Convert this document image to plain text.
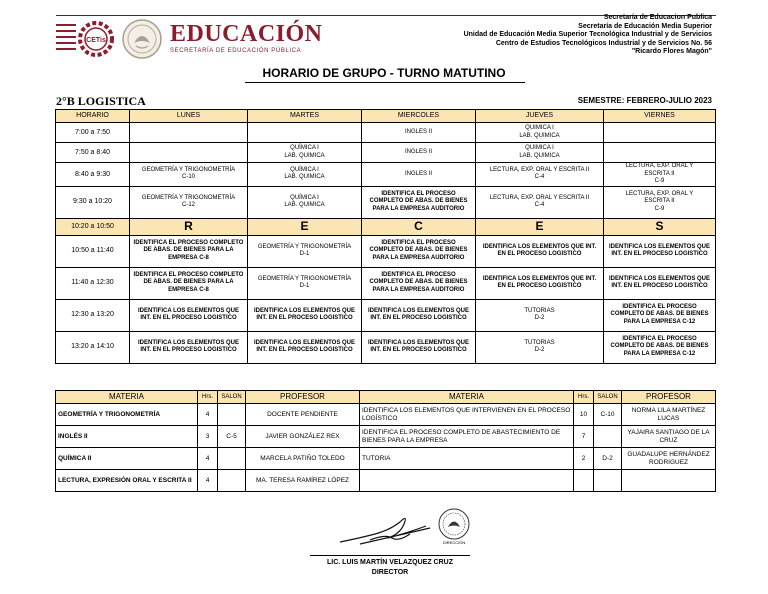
CETis	EDUCACIÓN
SECRETARÍA DE EDUCACIÓN PÚBLICA
Secretaría de Educacion Publica
Secretaría de Educación Media Superior
Unidad de Educación Media Superior Tecnológica Industrial y de Servicios
Centro de Estudios Tecnológicos Industrial y de Servicios No. 56
"Ricardo Flores Magón"
HORARIO DE GRUPO - TURNO MATUTINO
2°B LOGISTICA	SEMESTRE: FEBRERO-JULIO 2023
HORARIO	LUNES	MARTES	MIERCOLES	JUEVES	VIERNES	
7:00 a 7:50			INGLES II	QUIMICA I
LAB. QUIMICA		
7:50 a 8:40		QUÍMICA I
LAB. QUIMICA	INGLES II	QUIMICA I
LAB. QUIMICA		
8:40 a 9:30	GEOMETRÍA Y TRIGONOMETRÍA
C-10	QUÍMICA I
LAB. QUIMICA	INGLES II	LECTURA, EXP. ORAL Y ESCRITA II
C-4	LECTURA, EXP. ORAL Y
ESCRITA II
C-9	
9:30 a 10:20	GEOMETRÍA Y TRIGONOMETRÍA
C-12	QUÍMICA I
LAB. QUIMICA	IDENTIFICA EL PROCESO
COMPLETO DE ABAS. DE BIENES
PARA LA EMPRESA AUDITORIO	LECTURA, EXP. ORAL Y ESCRITA II
C-4	LECTURA, EXP. ORAL Y
ESCRITA II
C-9	
10:20 a 10:50	R	E	C	E	S	
10:50 a 11:40	IDENTIFICA EL PROCESO COMPLETO
DE ABAS. DE BIENES PARA LA
EMPRESA C-8	GEOMETRÍA Y TRIGONOMETRÍA
D-1	IDENTIFICA EL PROCESO
COMPLETO DE ABAS. DE BIENES
PARA LA EMPRESA AUDITORIO	IDENTIFICA LOS ELEMENTOS QUE INT.
EN EL PROCESO LOGISTICO	IDENTIFICA LOS ELEMENTOS QUE
INT. EN EL PROCESO LOGISTICO	
11:40 a 12:30	IDENTIFICA EL PROCESO COMPLETO
DE ABAS. DE BIENES PARA LA
EMPRESA C-8	GEOMETRÍA Y TRIGONOMETRÍA
D-1	IDENTIFICA EL PROCESO
COMPLETO DE ABAS. DE BIENES
PARA LA EMPRESA AUDITORIO	IDENTIFICA LOS ELEMENTOS QUE INT.
EN EL PROCESO LOGISTICO	IDENTIFICA LOS ELEMENTOS QUE
INT. EN EL PROCESO LOGISTICO	
12:30 a 13:20	IDENTIFICA LOS ELEMENTOS QUE
INT. EN EL PROCESO LOGISTICO	IDENTIFICA LOS ELEMENTOS QUE
INT. EN EL PROCESO LOGISTICO	IDENTIFICA LOS ELEMENTOS QUE
INT. EN EL PROCESO LOGISTICO	TUTORIAS
D-2	IDENTIFICA EL PROCESO
COMPLETO DE ABAS. DE BIENES
PARA LA EMPRESA C-12	
13:20 a 14:10	IDENTIFICA LOS ELEMENTOS QUE
INT. EN EL PROCESO LOGISTICO	IDENTIFICA LOS ELEMENTOS QUE
INT. EN EL PROCESO LOGISTICO	IDENTIFICA LOS ELEMENTOS QUE
INT. EN EL PROCESO LOGISTICO	TUTORIAS
D-2	IDENTIFICA EL PROCESO
COMPLETO DE ABAS. DE BIENES
PARA LA EMPRESA C-12	
MATERIA	Hrs.	SALON	PROFESOR	MATERIA	Hrs.	SALON	PROFESOR
GEOMETRÍA Y TRIGONOMETRÍA	4		DOCENTE PENDIENTE	IDENTIFICA LOS ELEMENTOS QUE INTERVIENEN EN EL PROCESO LOGÍSTICO	10	C-10	NORMA LILA MARTÍNEZ LUCAS
INGLÉS II	3	C-5	JAVIER GONZÁLEZ REX	IDENTIFICA EL PROCESO COMPLETO DE ABASTECIMIENTO DE BIENES PARA LA EMPRESA	7		YAJAIRA SANTIAGO DE LA CRUZ
QUÍMICA II	4		MARCELA PATIÑO TOLEDO	TUTORIA	2	D-2	GUADALUPE HERNÁNDEZ RODRIGUEZ
LECTURA, EXPRESIÓN ORAL Y ESCRITA II	4		MA. TERESA RAMÍREZ LÓPEZ				
DIRECCIÓN
LIC. LUIS MARTÍN VELAZQUEZ CRUZ
DIRECTOR
